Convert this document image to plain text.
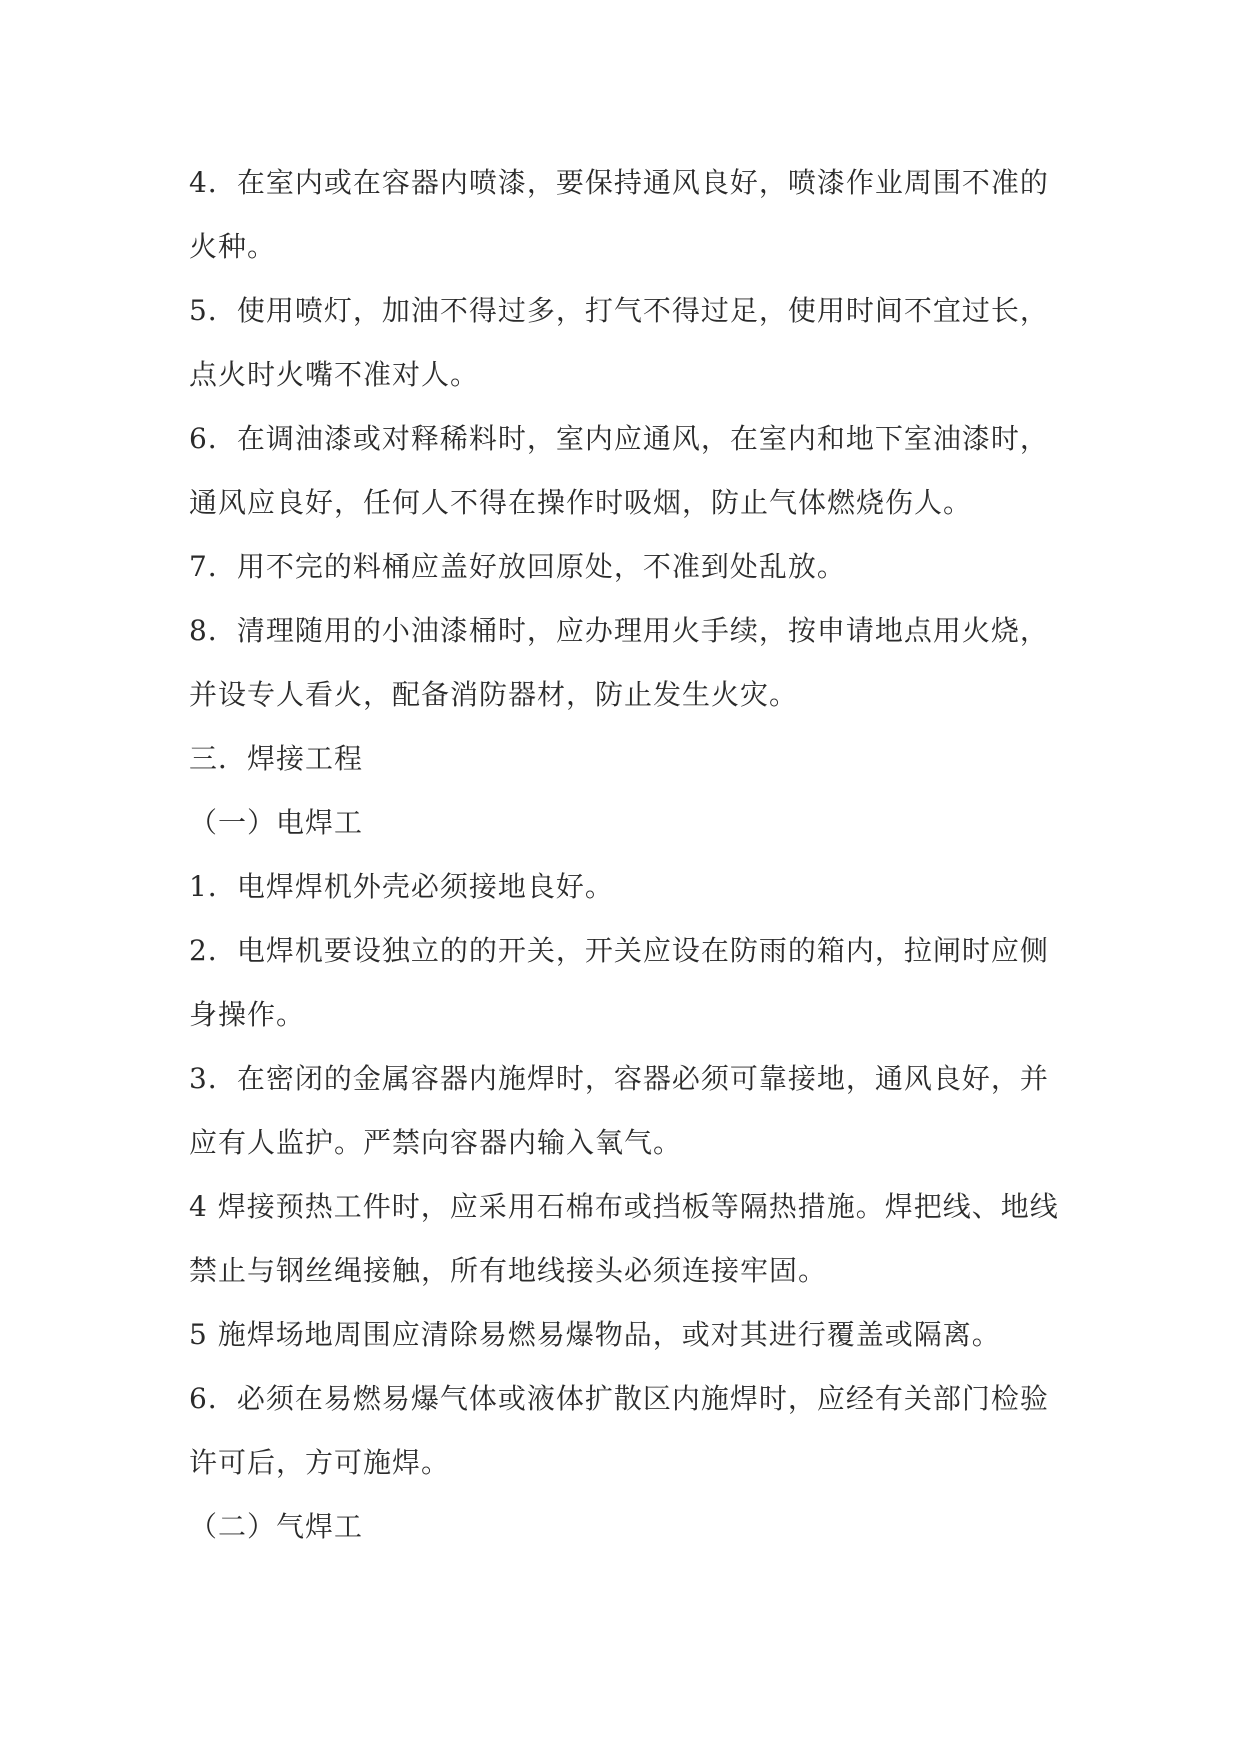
4．在室内或在容器内喷漆，要保持通风良好，喷漆作业周围不准的

火种。

5．使用喷灯，加油不得过多，打气不得过足，使用时间不宜过长，

点火时火嘴不准对人。

6．在调油漆或对释稀料时，室内应通风，在室内和地下室油漆时，

通风应良好，任何人不得在操作时吸烟，防止气体燃烧伤人。

7．用不完的料桶应盖好放回原处，不准到处乱放。

8．清理随用的小油漆桶时，应办理用火手续，按申请地点用火烧，

并设专人看火，配备消防器材，防止发生火灾。

三．焊接工程

（一）电焊工

1．电焊焊机外壳必须接地良好。

2．电焊机要设独立的的开关，开关应设在防雨的箱内，拉闸时应侧

身操作。

3．在密闭的金属容器内施焊时，容器必须可靠接地，通风良好，并

应有人监护。严禁向容器内输入氧气。

4 焊接预热工件时，应采用石棉布或挡板等隔热措施。焊把线、地线

禁止与钢丝绳接触，所有地线接头必须连接牢固。

5 施焊场地周围应清除易燃易爆物品，或对其进行覆盖或隔离。

6．必须在易燃易爆气体或液体扩散区内施焊时，应经有关部门检验

许可后，方可施焊。

（二）气焊工
